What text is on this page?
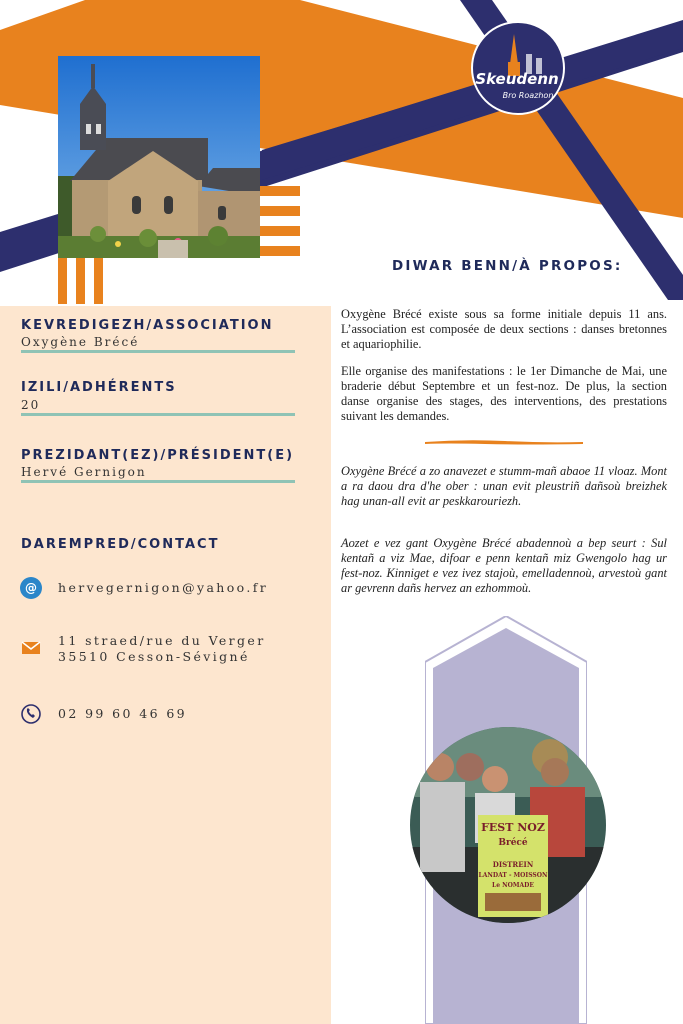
Skeudenn
Bro Roazhon
KEVREDIGEZH/ASSOCIATION
Oxygène Brécé
IZILI/ADHÉRENTS
20
PREZIDANT(EZ)/PRÉSIDENT(E)
Hervé Gernigon
DAREMPRED/CONTACT
@ hervegernigon@yahoo.fr
11 straed/rue du Verger
35510 Cesson-Sévigné
02 99 60 46 69
DIWAR BENN/À PROPOS:

Oxygène Brécé existe sous sa forme initiale depuis 11 ans. L’association est composée de deux sections : danses bretonnes et aquariophilie.

Elle organise des manifestations : le 1er Dimanche de Mai, une braderie début Septembre et un fest-noz. De plus, la section danse organise des stages, des interventions, des prestations suivant les demandes.

Oxygène Brécé a zo anavezet e stumm-mañ abaoe 11 vloaz. Mont a ra daou dra d'he ober : unan evit pleustriñ dañsoù breizhek hag unan-all evit ar peskkarouriezh.

Aozet e vez gant Oxygène Brécé abadennoù a bep seurt : Sul kentañ a viz Mae, difoar e penn kentañ miz Gwengolo hag ur fest-noz. Kinniget e vez ivez stajoù, emelladennoù, arvestoù gant ar gevrenn dañs hervez an ezhommoù.

FEST NOZ
Brécé
DISTREIN
LANDAT - MOISSON
Le NOMADE
